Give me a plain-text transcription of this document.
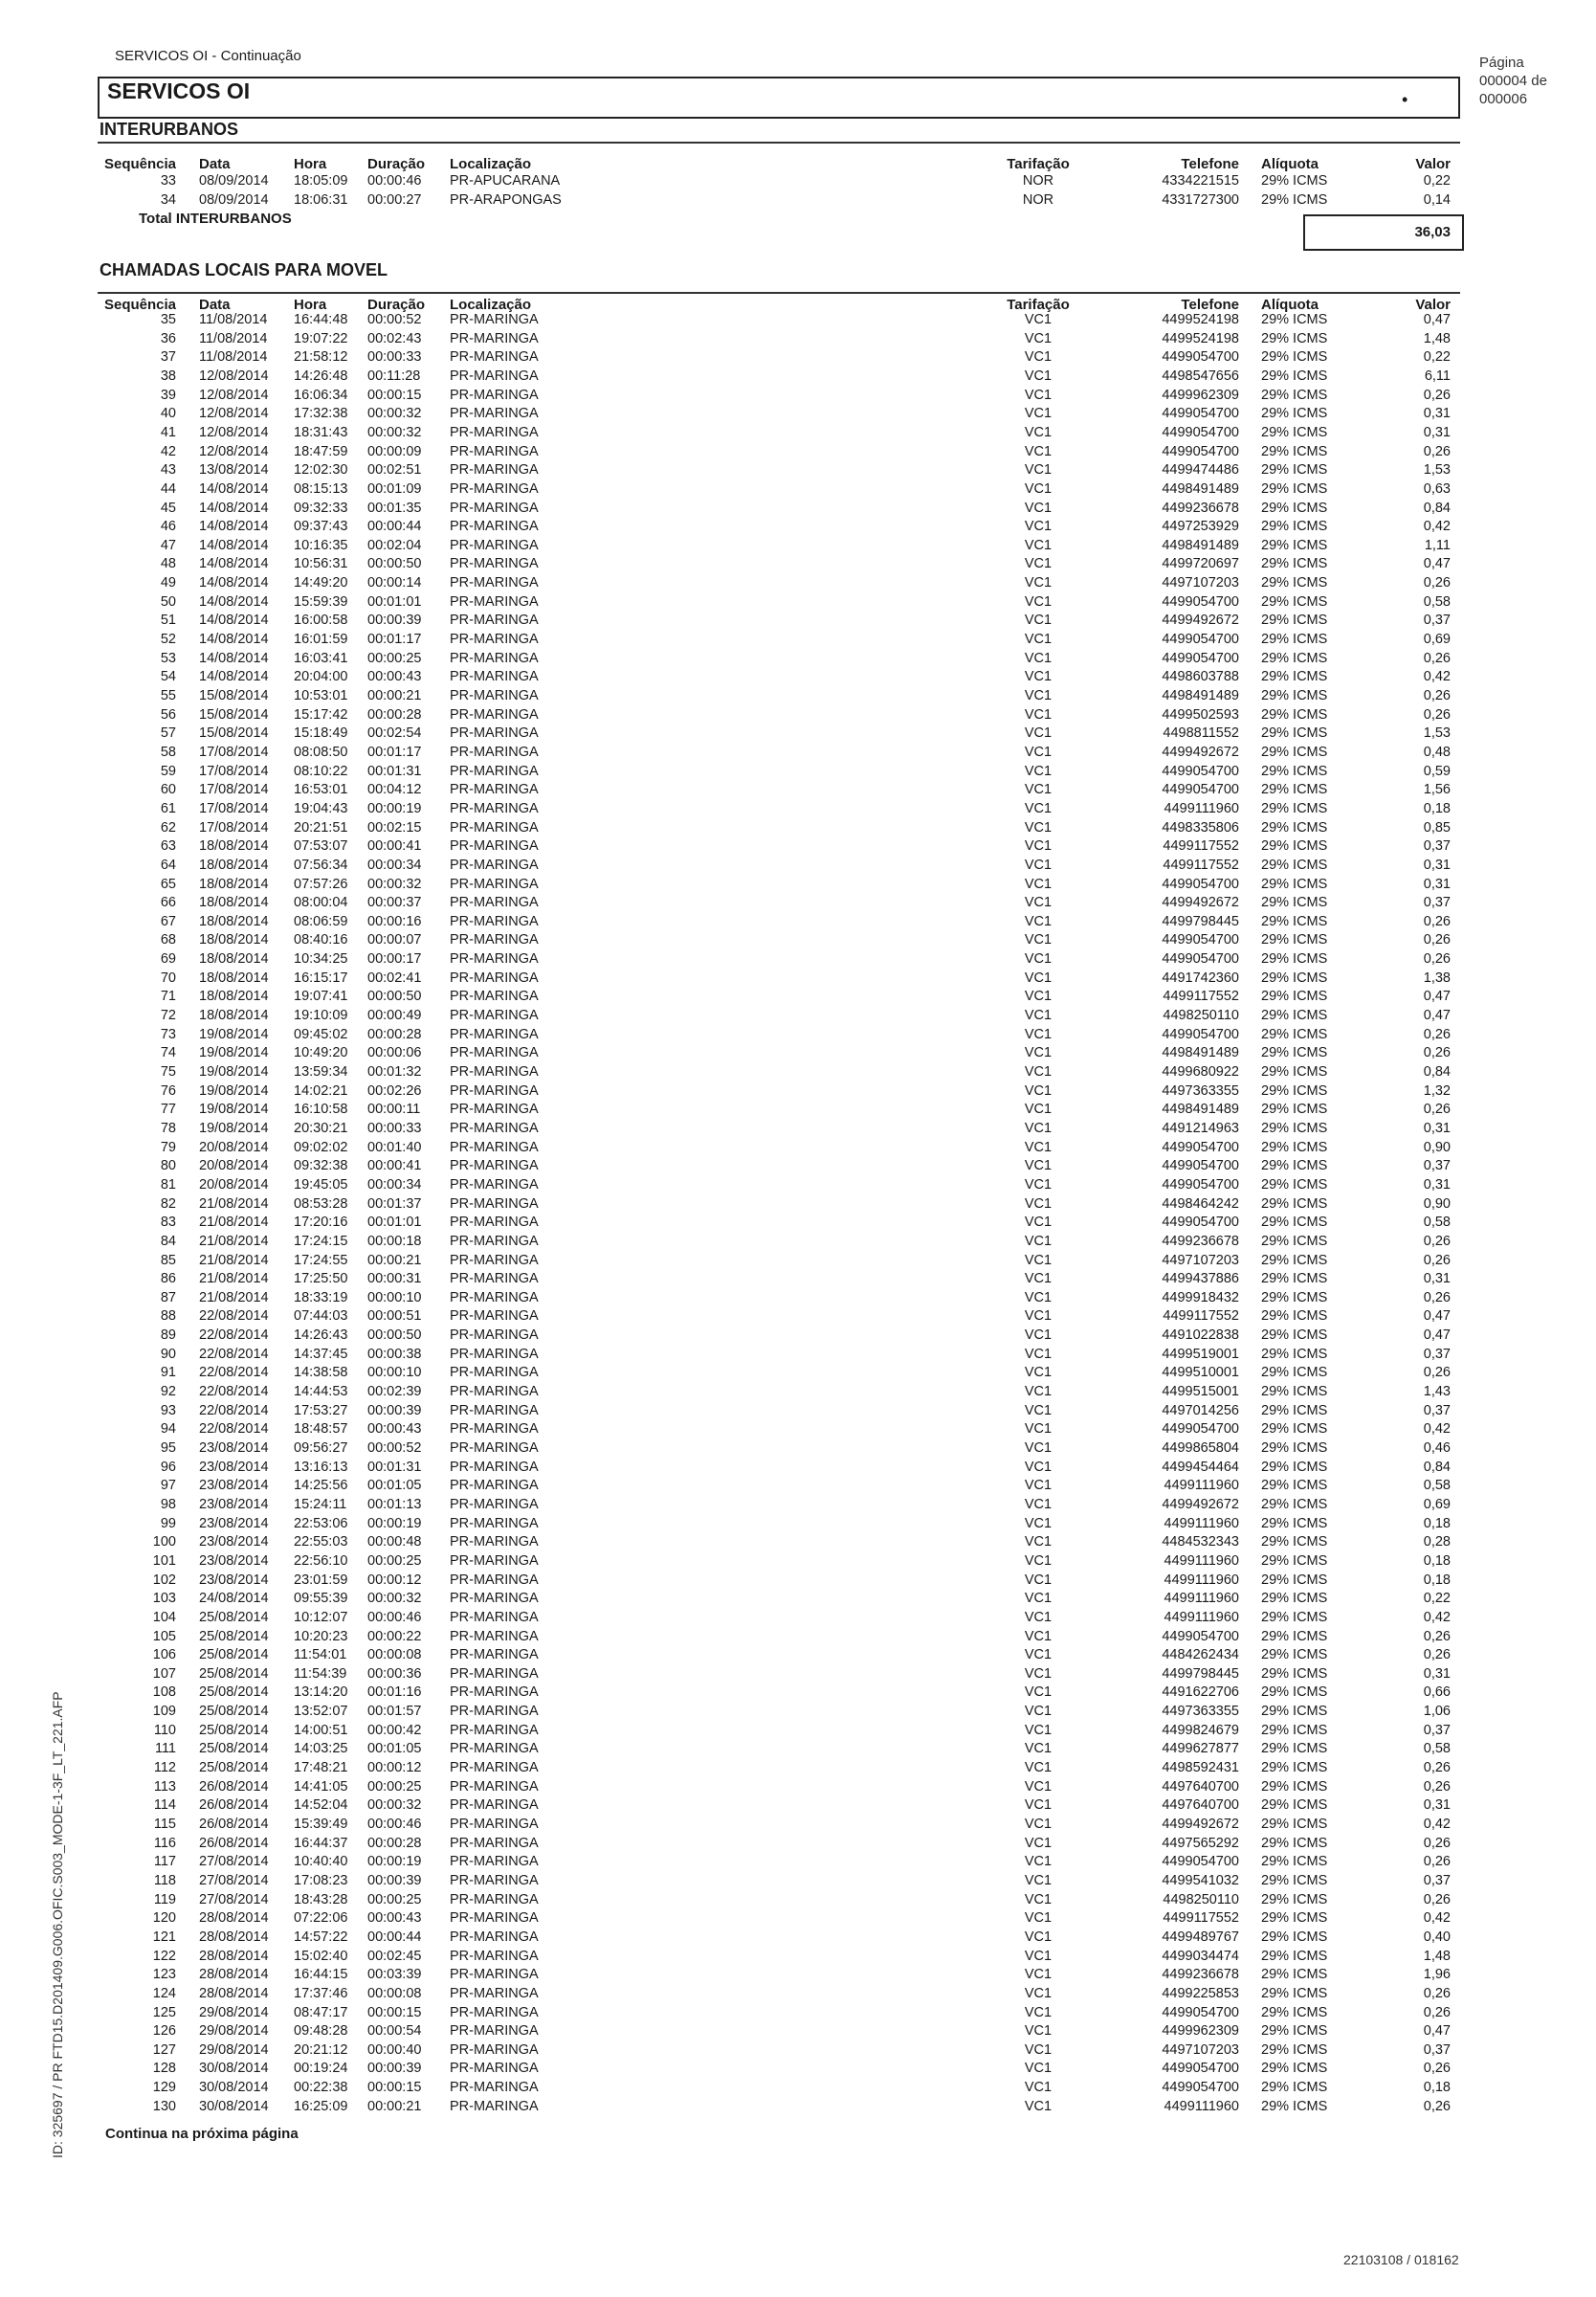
SERVICOS OI - Continuação	Página
000004 de
000006
SERVICOS OI	•
INTERURBANOS
Sequência Data	Hora	Duração Localização	Tarifação	Telefone Alíquota	Valor
33 08/09/2014 18:05:09 00:00:46 PR-APUCARANA	NOR	4334221515 29% ICMS	0,22
34 08/09/2014 18:06:31 00:00:27 PR-ARAPONGAS	NOR	4331727300 29% ICMS	0,14
Total INTERURBANOS
36,03
CHAMADAS LOCAIS PARA MOVEL
Sequência Data	Hora	Duração Localização	Tarifação	Telefone Alíquota	Valor
35 11/08/2014 16:44:48 00:00:52 PR-MARINGA	VC1	4499524198 29% ICMS	0,47
36 11/08/2014 19:07:22 00:02:43 PR-MARINGA	VC1	4499524198 29% ICMS	1,48
37 11/08/2014 21:58:12 00:00:33 PR-MARINGA	VC1	4499054700 29% ICMS	0,22
38 12/08/2014 14:26:48 00:11:28 PR-MARINGA	VC1	4498547656 29% ICMS	6,11
39 12/08/2014 16:06:34 00:00:15 PR-MARINGA	VC1	4499962309 29% ICMS	0,26
40 12/08/2014 17:32:38 00:00:32 PR-MARINGA	VC1	4499054700 29% ICMS	0,31
41 12/08/2014 18:31:43 00:00:32 PR-MARINGA	VC1	4499054700 29% ICMS	0,31
42 12/08/2014 18:47:59 00:00:09 PR-MARINGA	VC1	4499054700 29% ICMS	0,26
43 13/08/2014 12:02:30 00:02:51 PR-MARINGA	VC1	4499474486 29% ICMS	1,53
44 14/08/2014 08:15:13 00:01:09 PR-MARINGA	VC1	4498491489 29% ICMS	0,63
45 14/08/2014 09:32:33 00:01:35 PR-MARINGA	VC1	4499236678 29% ICMS	0,84
46 14/08/2014 09:37:43 00:00:44 PR-MARINGA	VC1	4497253929 29% ICMS	0,42
47 14/08/2014 10:16:35 00:02:04 PR-MARINGA	VC1	4498491489 29% ICMS	1,11
48 14/08/2014 10:56:31 00:00:50 PR-MARINGA	VC1	4499720697 29% ICMS	0,47
49 14/08/2014 14:49:20 00:00:14 PR-MARINGA	VC1	4497107203 29% ICMS	0,26
50 14/08/2014 15:59:39 00:01:01 PR-MARINGA	VC1	4499054700 29% ICMS	0,58
51 14/08/2014 16:00:58 00:00:39 PR-MARINGA	VC1	4499492672 29% ICMS	0,37
52 14/08/2014 16:01:59 00:01:17 PR-MARINGA	VC1	4499054700 29% ICMS	0,69
53 14/08/2014 16:03:41 00:00:25 PR-MARINGA	VC1	4499054700 29% ICMS	0,26
54 14/08/2014 20:04:00 00:00:43 PR-MARINGA	VC1	4498603788 29% ICMS	0,42
55 15/08/2014 10:53:01 00:00:21 PR-MARINGA	VC1	4498491489 29% ICMS	0,26
56 15/08/2014 15:17:42 00:00:28 PR-MARINGA	VC1	4499502593 29% ICMS	0,26
57 15/08/2014 15:18:49 00:02:54 PR-MARINGA	VC1	4498811552 29% ICMS	1,53
58 17/08/2014 08:08:50 00:01:17 PR-MARINGA	VC1	4499492672 29% ICMS	0,48
59 17/08/2014 08:10:22 00:01:31 PR-MARINGA	VC1	4499054700 29% ICMS	0,59
60 17/08/2014 16:53:01 00:04:12 PR-MARINGA	VC1	4499054700 29% ICMS	1,56
61 17/08/2014 19:04:43 00:00:19 PR-MARINGA	VC1	4499111960 29% ICMS	0,18
62 17/08/2014 20:21:51 00:02:15 PR-MARINGA	VC1	4498335806 29% ICMS	0,85
63 18/08/2014 07:53:07 00:00:41 PR-MARINGA	VC1	4499117552 29% ICMS	0,37
64 18/08/2014 07:56:34 00:00:34 PR-MARINGA	VC1	4499117552 29% ICMS	0,31
65 18/08/2014 07:57:26 00:00:32 PR-MARINGA	VC1	4499054700 29% ICMS	0,31
66 18/08/2014 08:00:04 00:00:37 PR-MARINGA	VC1	4499492672 29% ICMS	0,37
67 18/08/2014 08:06:59 00:00:16 PR-MARINGA	VC1	4499798445 29% ICMS	0,26
68 18/08/2014 08:40:16 00:00:07 PR-MARINGA	VC1	4499054700 29% ICMS	0,26
69 18/08/2014 10:34:25 00:00:17 PR-MARINGA	VC1	4499054700 29% ICMS	0,26
70 18/08/2014 16:15:17 00:02:41 PR-MARINGA	VC1	4491742360 29% ICMS	1,38
71 18/08/2014 19:07:41 00:00:50 PR-MARINGA	VC1	4499117552 29% ICMS	0,47
72 18/08/2014 19:10:09 00:00:49 PR-MARINGA	VC1	4498250110 29% ICMS	0,47
73 19/08/2014 09:45:02 00:00:28 PR-MARINGA	VC1	4499054700 29% ICMS	0,26
74 19/08/2014 10:49:20 00:00:06 PR-MARINGA	VC1	4498491489 29% ICMS	0,26
75 19/08/2014 13:59:34 00:01:32 PR-MARINGA	VC1	4499680922 29% ICMS	0,84
76 19/08/2014 14:02:21 00:02:26 PR-MARINGA	VC1	4497363355 29% ICMS	1,32
77 19/08/2014 16:10:58 00:00:11 PR-MARINGA	VC1	4498491489 29% ICMS	0,26
78 19/08/2014 20:30:21 00:00:33 PR-MARINGA	VC1	4491214963 29% ICMS	0,31
79 20/08/2014 09:02:02 00:01:40 PR-MARINGA	VC1	4499054700 29% ICMS	0,90
80 20/08/2014 09:32:38 00:00:41 PR-MARINGA	VC1	4499054700 29% ICMS	0,37
81 20/08/2014 19:45:05 00:00:34 PR-MARINGA	VC1	4499054700 29% ICMS	0,31
82 21/08/2014 08:53:28 00:01:37 PR-MARINGA	VC1	4498464242 29% ICMS	0,90
83 21/08/2014 17:20:16 00:01:01 PR-MARINGA	VC1	4499054700 29% ICMS	0,58
84 21/08/2014 17:24:15 00:00:18 PR-MARINGA	VC1	4499236678 29% ICMS	0,26
85 21/08/2014 17:24:55 00:00:21 PR-MARINGA	VC1	4497107203 29% ICMS	0,26
86 21/08/2014 17:25:50 00:00:31 PR-MARINGA	VC1	4499437886 29% ICMS	0,31
87 21/08/2014 18:33:19 00:00:10 PR-MARINGA	VC1	4499918432 29% ICMS	0,26
88 22/08/2014 07:44:03 00:00:51 PR-MARINGA	VC1	4499117552 29% ICMS	0,47
89 22/08/2014 14:26:43 00:00:50 PR-MARINGA	VC1	4491022838 29% ICMS	0,47
90 22/08/2014 14:37:45 00:00:38 PR-MARINGA	VC1	4499519001 29% ICMS	0,37
91 22/08/2014 14:38:58 00:00:10 PR-MARINGA	VC1	4499510001 29% ICMS	0,26
92 22/08/2014 14:44:53 00:02:39 PR-MARINGA	VC1	4499515001 29% ICMS	1,43
93 22/08/2014 17:53:27 00:00:39 PR-MARINGA	VC1	4497014256 29% ICMS	0,37
94 22/08/2014 18:48:57 00:00:43 PR-MARINGA	VC1	4499054700 29% ICMS	0,42
95 23/08/2014 09:56:27 00:00:52 PR-MARINGA	VC1	4499865804 29% ICMS	0,46
96 23/08/2014 13:16:13 00:01:31 PR-MARINGA	VC1	4499454464 29% ICMS	0,84
97 23/08/2014 14:25:56 00:01:05 PR-MARINGA	VC1	4499111960 29% ICMS	0,58
98 23/08/2014 15:24:11 00:01:13 PR-MARINGA	VC1	4499492672 29% ICMS	0,69
99 23/08/2014 22:53:06 00:00:19 PR-MARINGA	VC1	4499111960 29% ICMS	0,18
100 23/08/2014 22:55:03 00:00:48 PR-MARINGA	VC1	4484532343 29% ICMS	0,28
101 23/08/2014 22:56:10 00:00:25 PR-MARINGA	VC1	4499111960 29% ICMS	0,18
102 23/08/2014 23:01:59 00:00:12 PR-MARINGA	VC1	4499111960 29% ICMS	0,18
103 24/08/2014 09:55:39 00:00:32 PR-MARINGA	VC1	4499111960 29% ICMS	0,22
104 25/08/2014 10:12:07 00:00:46 PR-MARINGA	VC1	4499111960 29% ICMS	0,42
105 25/08/2014 10:20:23 00:00:22 PR-MARINGA	VC1	4499054700 29% ICMS	0,26
106 25/08/2014 11:54:01 00:00:08 PR-MARINGA	VC1	4484262434 29% ICMS	0,26
107 25/08/2014 11:54:39 00:00:36 PR-MARINGA	VC1	4499798445 29% ICMS	0,31
108 25/08/2014 13:14:20 00:01:16 PR-MARINGA	VC1	4491622706 29% ICMS	0,66
109 25/08/2014 13:52:07 00:01:57 PR-MARINGA	VC1	4497363355 29% ICMS	1,06
110 25/08/2014 14:00:51 00:00:42 PR-MARINGA	VC1	4499824679 29% ICMS	0,37
111 25/08/2014 14:03:25 00:01:05 PR-MARINGA	VC1	4499627877 29% ICMS	0,58
112 25/08/2014 17:48:21 00:00:12 PR-MARINGA	VC1	4498592431 29% ICMS	0,26
113 26/08/2014 14:41:05 00:00:25 PR-MARINGA	VC1	4497640700 29% ICMS	0,26
114 26/08/2014 14:52:04 00:00:32 PR-MARINGA	VC1	4497640700 29% ICMS	0,31
115 26/08/2014 15:39:49 00:00:46 PR-MARINGA	VC1	4499492672 29% ICMS	0,42
116 26/08/2014 16:44:37 00:00:28 PR-MARINGA	VC1	4497565292 29% ICMS	0,26
117 27/08/2014 10:40:40 00:00:19 PR-MARINGA	VC1	4499054700 29% ICMS	0,26
118 27/08/2014 17:08:23 00:00:39 PR-MARINGA	VC1	4499541032 29% ICMS	0,37
119 27/08/2014 18:43:28 00:00:25 PR-MARINGA	VC1	4498250110 29% ICMS	0,26
120 28/08/2014 07:22:06 00:00:43 PR-MARINGA	VC1	4499117552 29% ICMS	0,42
121 28/08/2014 14:57:22 00:00:44 PR-MARINGA	VC1	4499489767 29% ICMS	0,40
122 28/08/2014 15:02:40 00:02:45 PR-MARINGA	VC1	4499034474 29% ICMS	1,48
123 28/08/2014 16:44:15 00:03:39 PR-MARINGA	VC1	4499236678 29% ICMS	1,96
124 28/08/2014 17:37:46 00:00:08 PR-MARINGA	VC1	4499225853 29% ICMS	0,26
125 29/08/2014 08:47:17 00:00:15 PR-MARINGA	VC1	4499054700 29% ICMS	0,26
126 29/08/2014 09:48:28 00:00:54 PR-MARINGA	VC1	4499962309 29% ICMS	0,47
127 29/08/2014 20:21:12 00:00:40 PR-MARINGA	VC1	4497107203 29% ICMS	0,37
128 30/08/2014 00:19:24 00:00:39 PR-MARINGA	VC1	4499054700 29% ICMS	0,26
129 30/08/2014 00:22:38 00:00:15 PR-MARINGA	VC1	4499054700 29% ICMS	0,18
130 30/08/2014 16:25:09 00:00:21 PR-MARINGA	VC1	4499111960 29% ICMS	0,26
Continua na próxima página
ID: 325697 / PR FTD15.D201409.G006.OFIC.S003_MODE-1-3F_LT_221.AFP
22103108 / 018162
